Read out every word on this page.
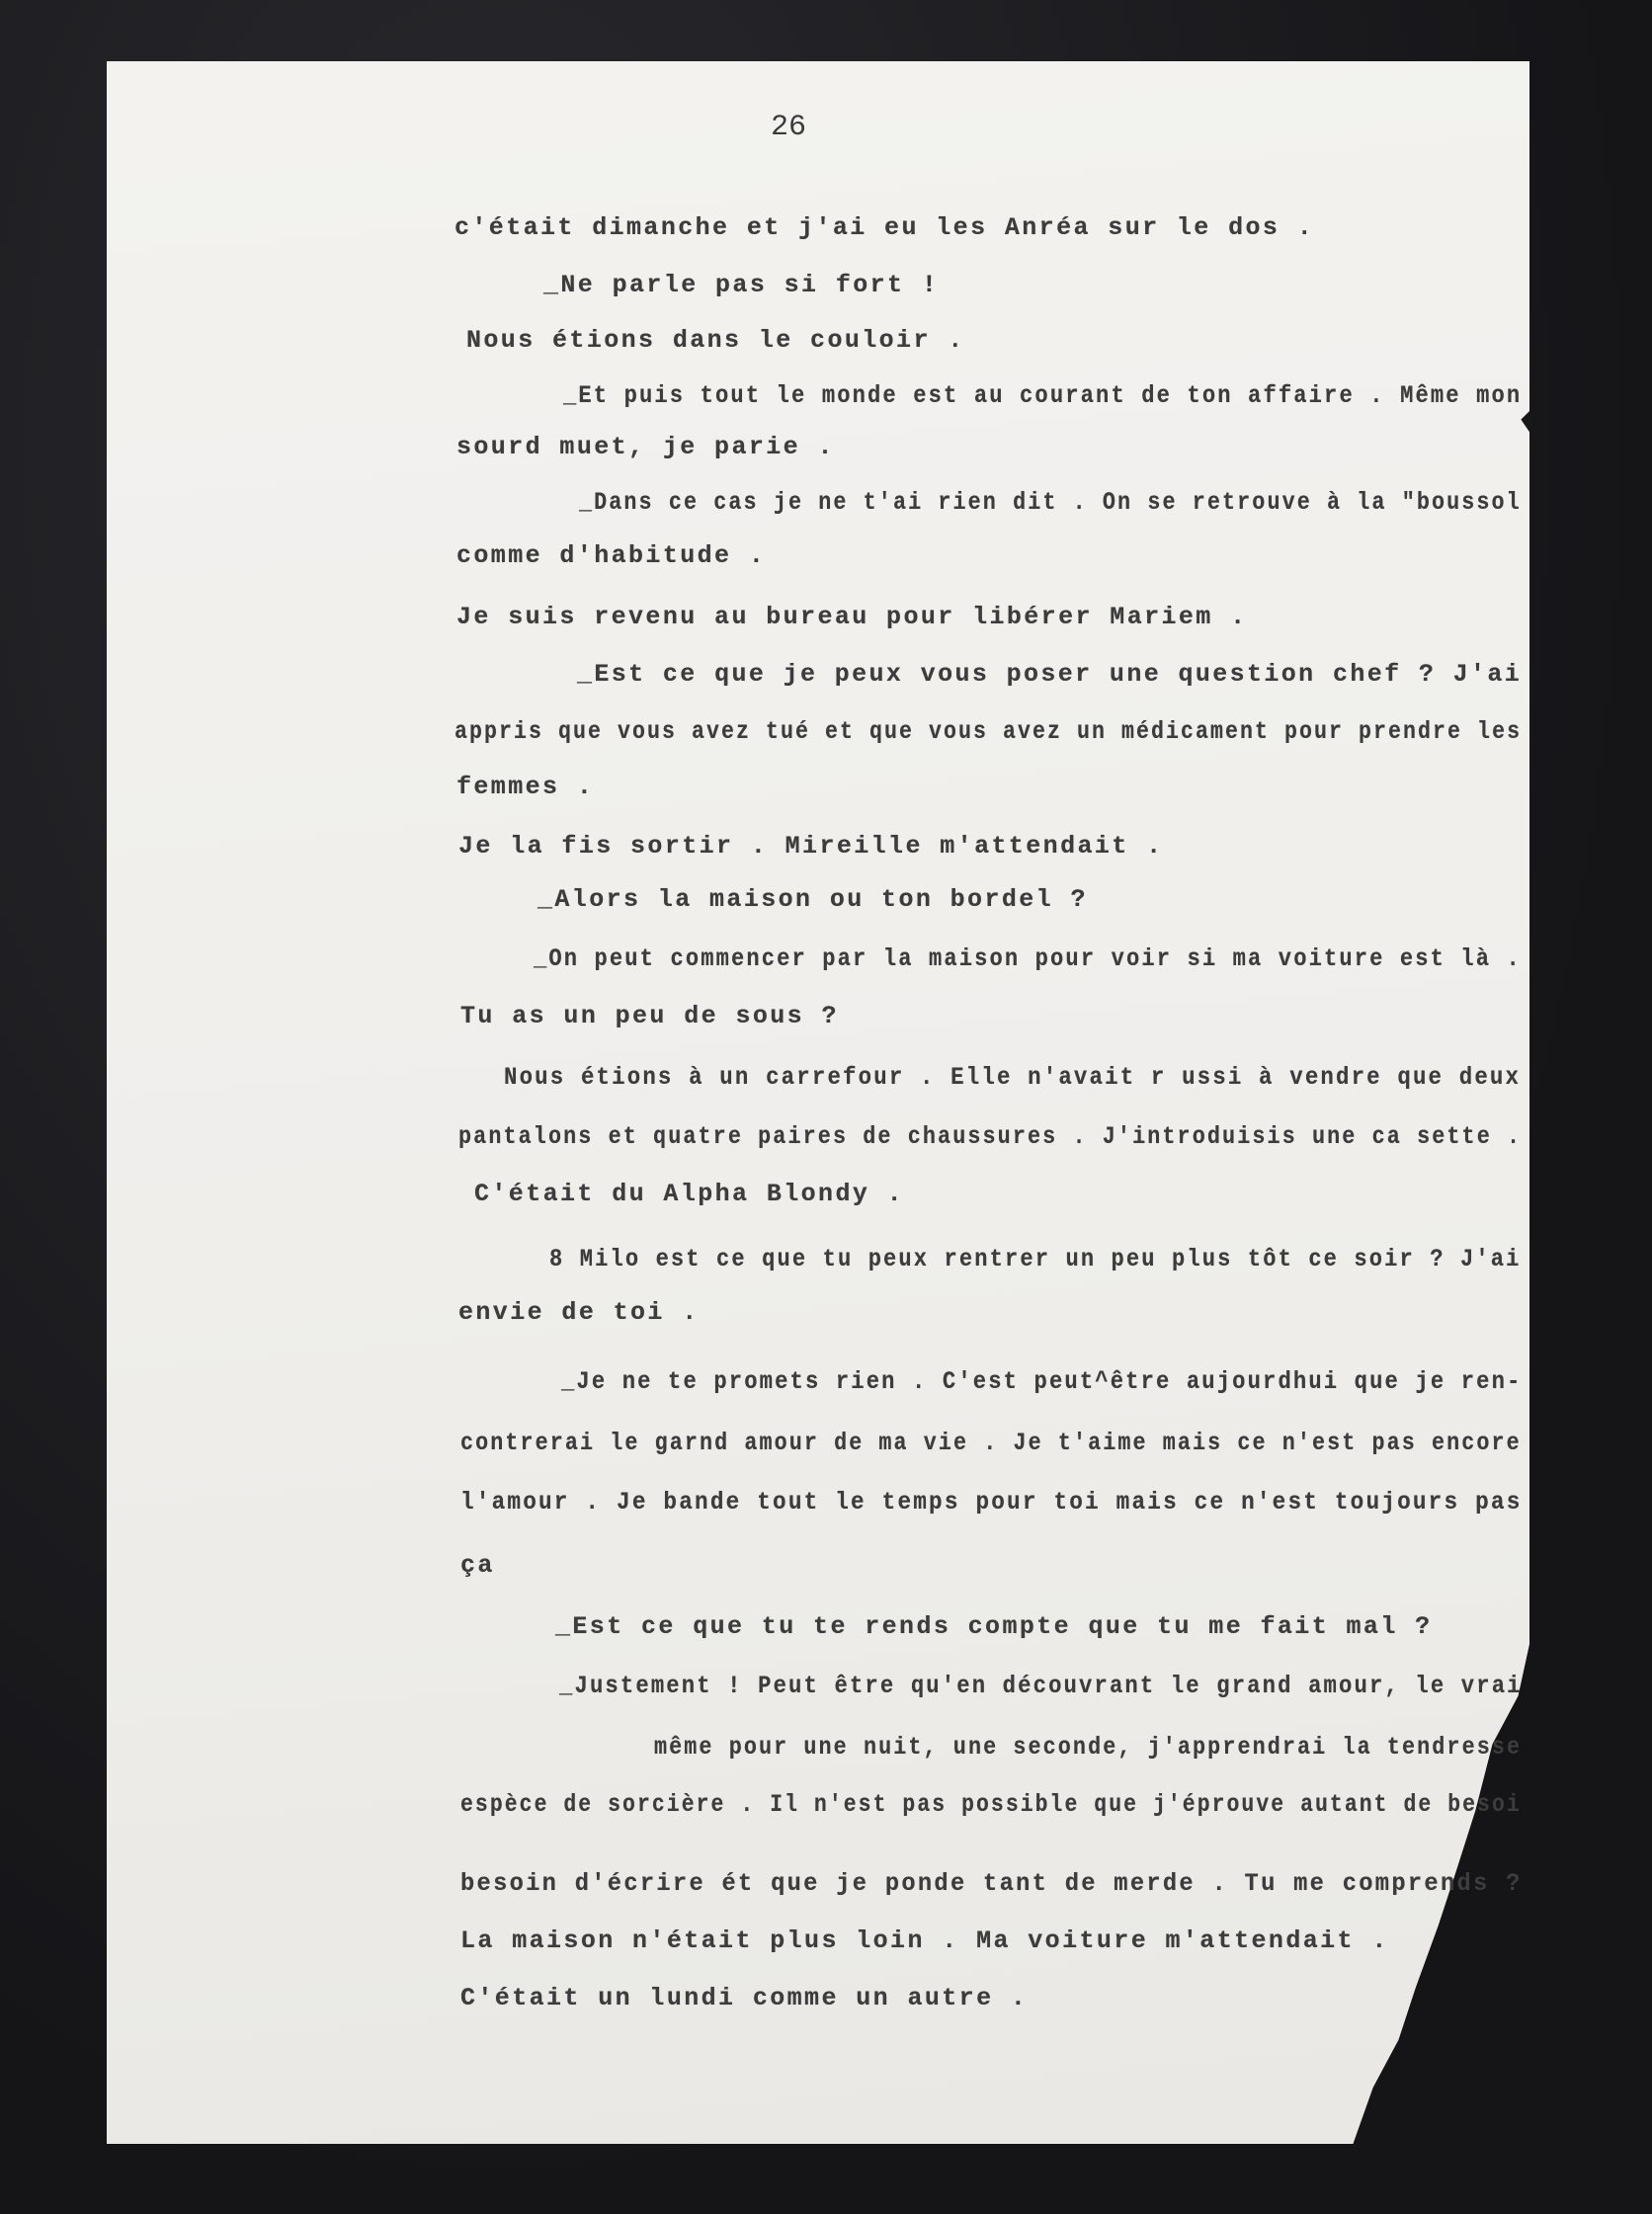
26
c'était dimanche et j'ai eu les Anréa sur le dos .
_Ne parle pas si fort !
Nous étions dans le couloir .
_Et puis tout le monde est au courant de ton affaire . Même mon
sourd muet, je parie .
_Dans ce cas je ne t'ai rien dit . On se retrouve à la "boussol
comme d'habitude .
Je suis revenu au bureau pour libérer Mariem .
_Est ce que je peux vous poser une question chef ? J'ai
appris que vous avez tué et que vous avez un médicament pour prendre les
femmes .
Je la fis sortir . Mireille m'attendait .
_Alors la maison ou ton bordel ?
_On peut commencer par la maison pour voir si ma voiture est là .
Tu as un peu de sous ?
Nous étions à un carrefour . Elle n'avait r ussi à vendre que deux
pantalons et quatre paires de chaussures . J'introduisis une ca sette .
C'était du Alpha Blondy .
8 Milo est ce que tu peux rentrer un peu plus tôt ce soir ? J'ai
envie de toi .
_Je ne te promets rien . C'est peut^être aujourdhui que je ren-
contrerai le garnd amour de ma vie . Je t'aime mais ce n'est pas encore
l'amour . Je bande tout le temps pour toi mais ce n'est toujours pas
ça
_Est ce que tu te rends compte que tu me fait mal ?
_Justement ! Peut être qu'en découvrant le grand amour, le vrai
même pour une nuit, une seconde, j'apprendrai la tendresse
espèce de sorcière . Il n'est pas possible que j'éprouve autant de besoi
besoin d'écrire ét que je ponde tant de merde . Tu me comprends ?
La maison n'était plus loin . Ma voiture m'attendait .
C'était un lundi comme un autre .
